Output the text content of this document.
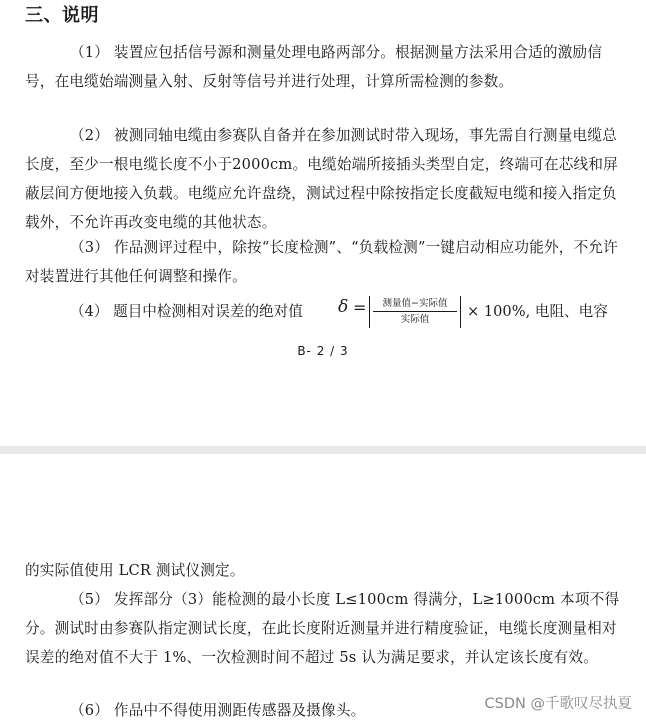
三、说明

（1） 装置应包括信号源和测量处理电路两部分。根据测量方法采用合适的激励信号，在电缆始端测量入射、反射等信号并进行处理，计算所需检测的参数。

（2） 被测同轴电缆由参赛队自备并在参加测试时带入现场，事先需自行测量电缆总长度，至少一根电缆长度不小于2000cm。电缆始端所接插头类型自定，终端可在芯线和屏蔽层间方便地接入负载。电缆应允许盘绕，测试过程中除按指定长度截短电缆和接入指定负载外，不允许再改变电缆的其他状态。

（3） 作品测评过程中，除按“长度检测”、“负载检测”一键启动相应功能外，不允许对装置进行其他任何调整和操作。

（4） 题目中检测相对误差的绝对值 δ =	测量值−实际值
实际值	× 100%, 电阻、电容
B- 2 / 3

的实际值使用 LCR 测试仪测定。

（5） 发挥部分（3）能检测的最小长度 L≤100cm 得满分，L≥1000cm 本项不得分。测试时由参赛队指定测试长度，在此长度附近测量并进行精度验证，电缆长度测量相对误差的绝对值不大于 1%、一次检测时间不超过 5s 认为满足要求，并认定该长度有效。

（6） 作品中不得使用测距传感器及摄像头。	CSDN @千歌叹尽执夏
